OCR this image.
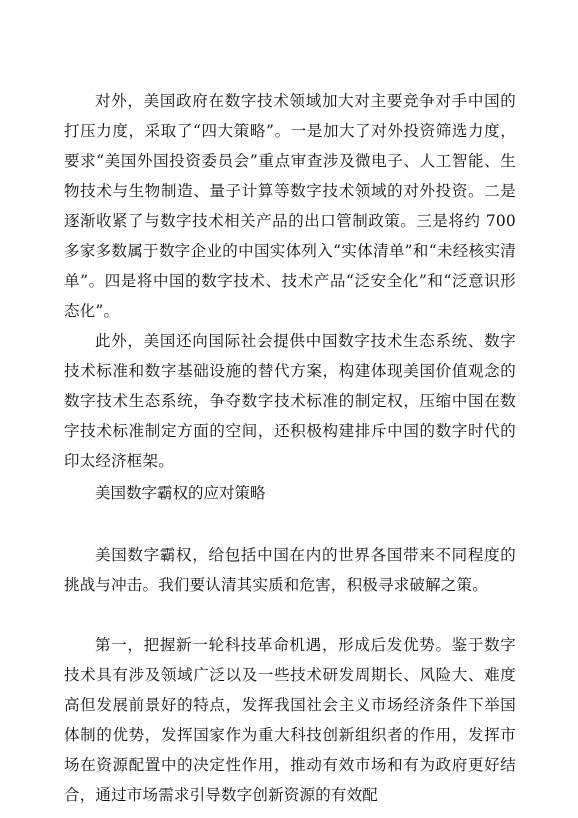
对外，美国政府在数字技术领域加大对主要竞争对手中国的打压力度，采取了“四大策略”。一是加大了对外投资筛选力度，要求“美国外国投资委员会”重点审查涉及微电子、人工智能、生物技术与生物制造、量子计算等数字技术领域的对外投资。二是逐渐收紧了与数字技术相关产品的出口管制政策。三是将约 700 多家多数属于数字企业的中国实体列入“实体清单”和“未经核实清单”。四是将中国的数字技术、技术产品“泛安全化”和“泛意识形态化”。

此外，美国还向国际社会提供中国数字技术生态系统、数字技术标准和数字基础设施的替代方案，构建体现美国价值观念的数字技术生态系统，争夺数字技术标准的制定权，压缩中国在数字技术标准制定方面的空间，还积极构建排斥中国的数字时代的印太经济框架。

美国数字霸权的应对策略

美国数字霸权，给包括中国在内的世界各国带来不同程度的挑战与冲击。我们要认清其实质和危害，积极寻求破解之策。

第一，把握新一轮科技革命机遇，形成后发优势。鉴于数字技术具有涉及领域广泛以及一些技术研发周期长、风险大、难度高但发展前景好的特点，发挥我国社会主义市场经济条件下举国体制的优势，发挥国家作为重大科技创新组织者的作用，发挥市场在资源配置中的决定性作用，推动有效市场和有为政府更好结合，通过市场需求引导数字创新资源的有效配
